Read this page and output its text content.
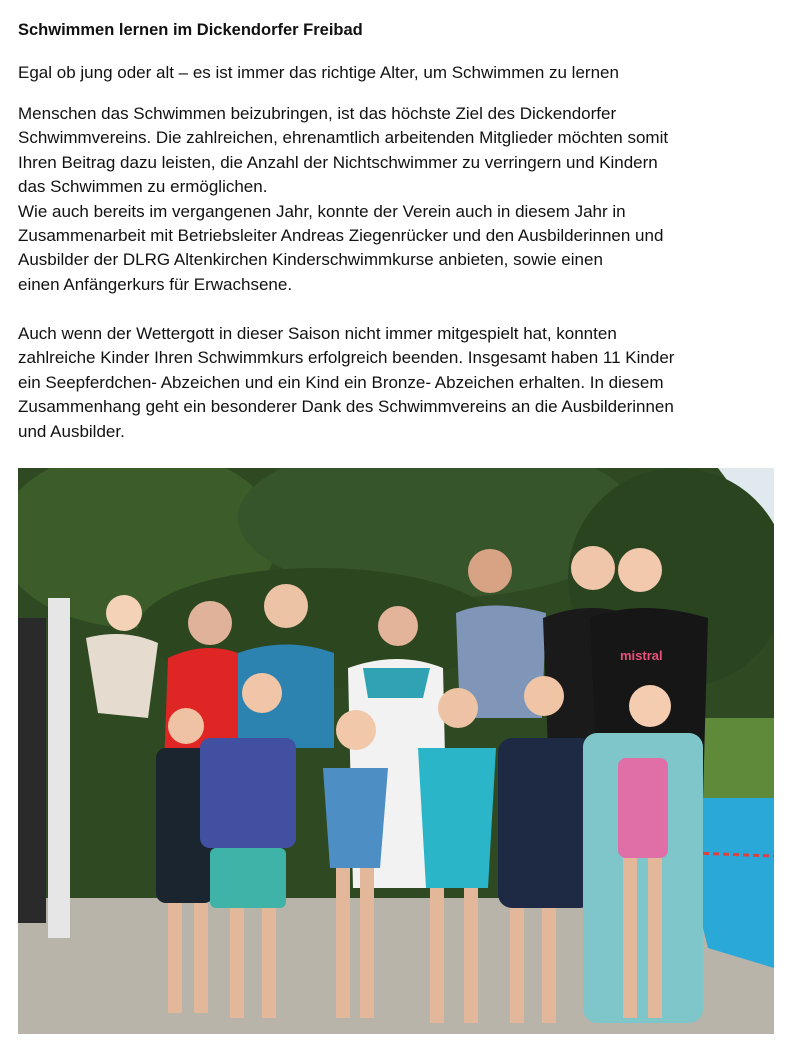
Schwimmen lernen im Dickendorfer Freibad
Egal ob jung oder alt – es ist immer das richtige Alter, um Schwimmen zu lernen
Menschen das Schwimmen beizubringen, ist das höchste Ziel des Dickendorfer
Schwimmvereins. Die zahlreichen, ehrenamtlich arbeitenden Mitglieder möchten somit
Ihren Beitrag dazu leisten, die Anzahl der Nichtschwimmer zu verringern und Kindern
das Schwimmen zu ermöglichen.
Wie auch bereits im vergangenen Jahr, konnte der Verein auch in diesem Jahr in
Zusammenarbeit mit Betriebsleiter Andreas Ziegenrücker und den Ausbilderinnen und
Ausbilder der DLRG Altenkirchen Kinderschwimmkurse anbieten, sowie einen
einen Anfängerkurs für Erwachsene.
Auch wenn der Wettergott in dieser Saison nicht immer mitgespielt hat, konnten
zahlreiche Kinder Ihren Schwimmkurs erfolgreich beenden. Insgesamt haben 11 Kinder
ein Seepferdchen- Abzeichen und ein Kind ein Bronze- Abzeichen erhalten. In diesem
Zusammenhang geht ein besonderer Dank des Schwimmvereins an die Ausbilderinnen
und Ausbilder.
mistral
